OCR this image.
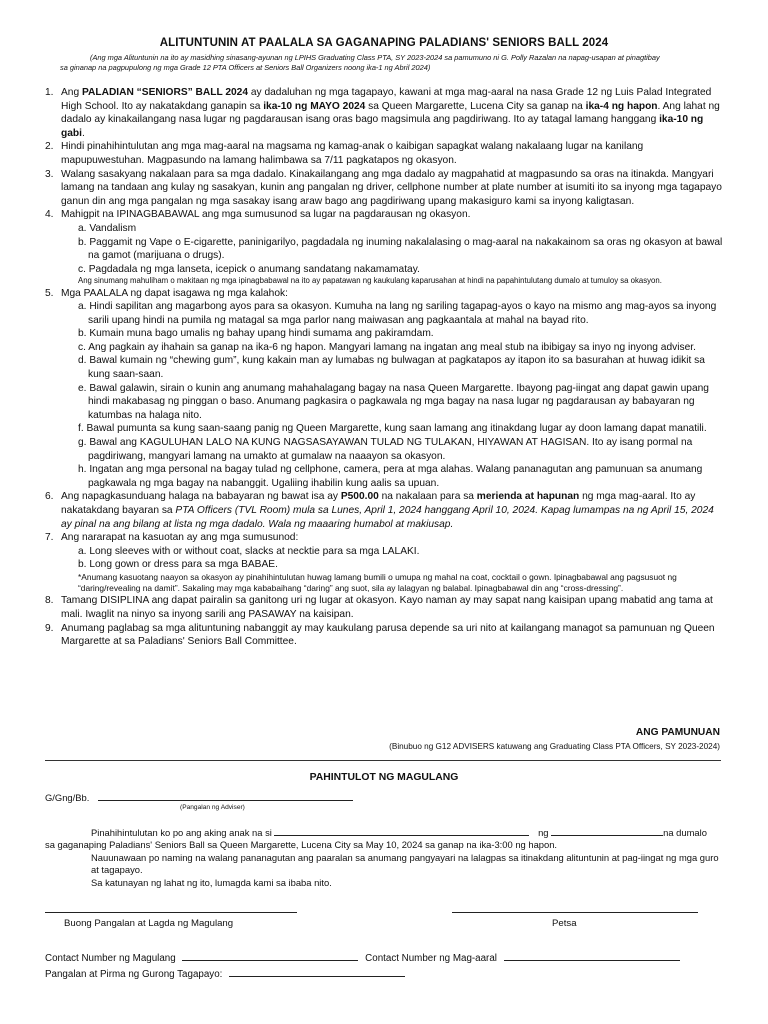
ALITUNTUNIN AT PAALALA SA GAGANAPING PALADIANS' SENIORS BALL 2024
(Ang mga Alituntunin na ito ay masidhing sinasang-ayunan ng LPIHS Graduating Class PTA, SY 2023-2024 sa pamumuno ni G. Polly Razalan na napag-usapan at pinagtibay
sa ginanap na pagpupulong ng mga Grade 12 PTA Officers at Seniors Ball Organizers noong ika-1 ng Abril 2024)
1. Ang PALADIAN “SENIORS” BALL 2024 ay dadaluhan ng mga tagapayo, kawani at mga mag-aaral na nasa Grade 12 ng Luis Palad Integrated High School. Ito ay nakatakdang ganapin sa ika-10 ng MAYO 2024 sa Queen Margarette, Lucena City sa ganap na ika-4 ng hapon. Ang lahat ng dadalo ay kinakailangang nasa lugar ng pagdarausan isang oras bago magsimula ang pagdiriwang. Ito ay tatagal lamang hanggang ika-10 ng gabi.
2. Hindi pinahihintulutan ang mga mag-aaral na magsama ng kamag-anak o kaibigan sapagkat walang nakalaang lugar na kanilang mapupuwestuhan. Magpasundo na lamang halimbawa sa 7/11 pagkatapos ng okasyon.
3. Walang sasakyang nakalaan para sa mga dadalo. Kinakailangang ang mga dadalo ay magpahatid at magpasundo sa oras na itinakda. Mangyari lamang na tandaan ang kulay ng sasakyan, kunin ang pangalan ng driver, cellphone number at plate number at isumiti ito sa inyong mga tagapayo ganun din ang mga pangalan ng mga sasakay isang araw bago ang pagdiriwang upang makasiguro kami sa inyong kaligtasan.
4. Mahigpit na IPINAGBABAWAL ang mga sumusunod sa lugar na pagdarausan ng okasyon.
a. Vandalism
b. Paggamit ng Vape o E-cigarette, paninigarilyo, pagdadala ng inuming nakalalasing o mag-aaral na nakakainom sa oras ng okasyon at bawal na gamot (marijuana o drugs).
c. Pagdadala ng mga lanseta, icepick o anumang sandatang nakamamatay.
Ang sinumang mahuliham o makitaan ng mga ipinagbabawal na ito ay papatawan ng kaukulang kaparusahan at hindi na papahintulutang dumalo at tumuloy sa okasyon.
5. Mga PAALALA ng dapat isagawa ng mga kalahok:
a. Hindi sapilitan ang magarbong ayos para sa okasyon. Kumuha na lang ng sariling tagapag-ayos o kayo na mismo ang mag-ayos sa inyong sarili upang hindi na pumila ng matagal sa mga parlor nang maiwasan ang pagkaantala at mahal na bayad rito.
b. Kumain muna bago umalis ng bahay upang hindi sumama ang pakiramdam.
c. Ang pagkain ay ihahain sa ganap na ika-6 ng hapon. Mangyari lamang na ingatan ang meal stub na ibibigay sa inyo ng inyong adviser.
d. Bawal kumain ng “chewing gum”, kung kakain man ay lumabas ng bulwagan at pagkatapos ay itapon ito sa basurahan at huwag idikit sa kung saan-saan.
e. Bawal galawin, sirain o kunin ang anumang mahahalagang bagay na nasa Queen Margarette. Ibayong pag-iingat ang dapat gawin upang hindi makabasag ng pinggan o baso. Anumang pagkasira o pagkawala ng mga bagay na nasa lugar ng pagdarausan ay babayaran ng katumbas na halaga nito.
f. Bawal pumunta sa kung saan-saang panig ng Queen Margarette, kung saan lamang ang itinakdang lugar ay doon lamang dapat manatili.
g. Bawal ang KAGULUHAN LALO NA KUNG NAGSASAYAWAN TULAD NG TULAKAN, HIYAWAN AT HAGISAN. Ito ay isang pormal na pagdiriwang, mangyari lamang na umakto at gumalaw na naaayon sa okasyon.
h. Ingatan ang mga personal na bagay tulad ng cellphone, camera, pera at mga alahas. Walang pananagutan ang pamunuan sa anumang pagkawala ng mga bagay na nabanggit. Ugaliing ihabilin kung aalis sa upuan.
6. Ang napagkasunduang halaga na babayaran ng bawat isa ay P500.00 na nakalaan para sa merienda at hapunan ng mga mag-aaral. Ito ay nakatakdang bayaran sa PTA Officers (TVL Room) mula sa Lunes, April 1, 2024 hanggang April 10, 2024. Kapag lumampas na ng April 15, 2024 ay pinal na ang bilang at lista ng mga dadalo. Wala ng maaaring humabol at makiusap.
7. Ang nararapat na kasuotan ay ang mga sumusunod:
a. Long sleeves with or without coat, slacks at necktie para sa mga LALAKI.
b. Long gown or dress para sa mga BABAE.
*Anumang kasuotang naayon sa okasyon ay pinahihintulutan huwag lamang bumili o umupa ng mahal na coat, cocktail o gown. Ipinagbabawal ang pagsusuot ng “daring/revealing na damit”. Sakaling may mga kababaihang “daring” ang suot, sila ay lalagyan ng balabal. Ipinagbabawal din ang “cross-dressing”.
8. Tamang DISIPLINA ang dapat pairalin sa ganitong uri ng lugar at okasyon. Kayo naman ay may sapat nang kaisipan upang mabatid ang tama at mali. Iwaglit na ninyo sa inyong sarili ang PASAWAY na kaisipan.
9. Anumang paglabag sa mga alituntuning nabanggit ay may kaukulang parusa depende sa uri nito at kailangang managot sa pamunuan ng Queen Margarette at sa Paladians' Seniors Ball Committee.
ANG PAMUNUAN
(Binubuo ng G12 ADVISERS katuwang ang Graduating Class PTA Officers, SY 2023-2024)
PAHINTULOT NG MAGULANG
G/Gng/Bb.
(Pangalan ng Adviser)
Pinahihintulutan ko po ang aking anak na si	ng	na dumalo
sa gaganaping Paladians' Seniors Ball sa Queen Margarette, Lucena City sa May 10, 2024 sa ganap na ika-3:00 ng hapon.
Nauunawaan po naming na walang pananagutan ang paaralan sa anumang pangyayari na lalagpas sa itinakdang alituntunin at pag-iingat ng mga guro at tagapayo.
Sa katunayan ng lahat ng ito, lumagda kami sa ibaba nito.
Buong Pangalan at Lagda ng Magulang	Petsa
Contact Number ng Magulang	Contact Number ng Mag-aaral
Pangalan at Pirma ng Gurong Tagapayo:
